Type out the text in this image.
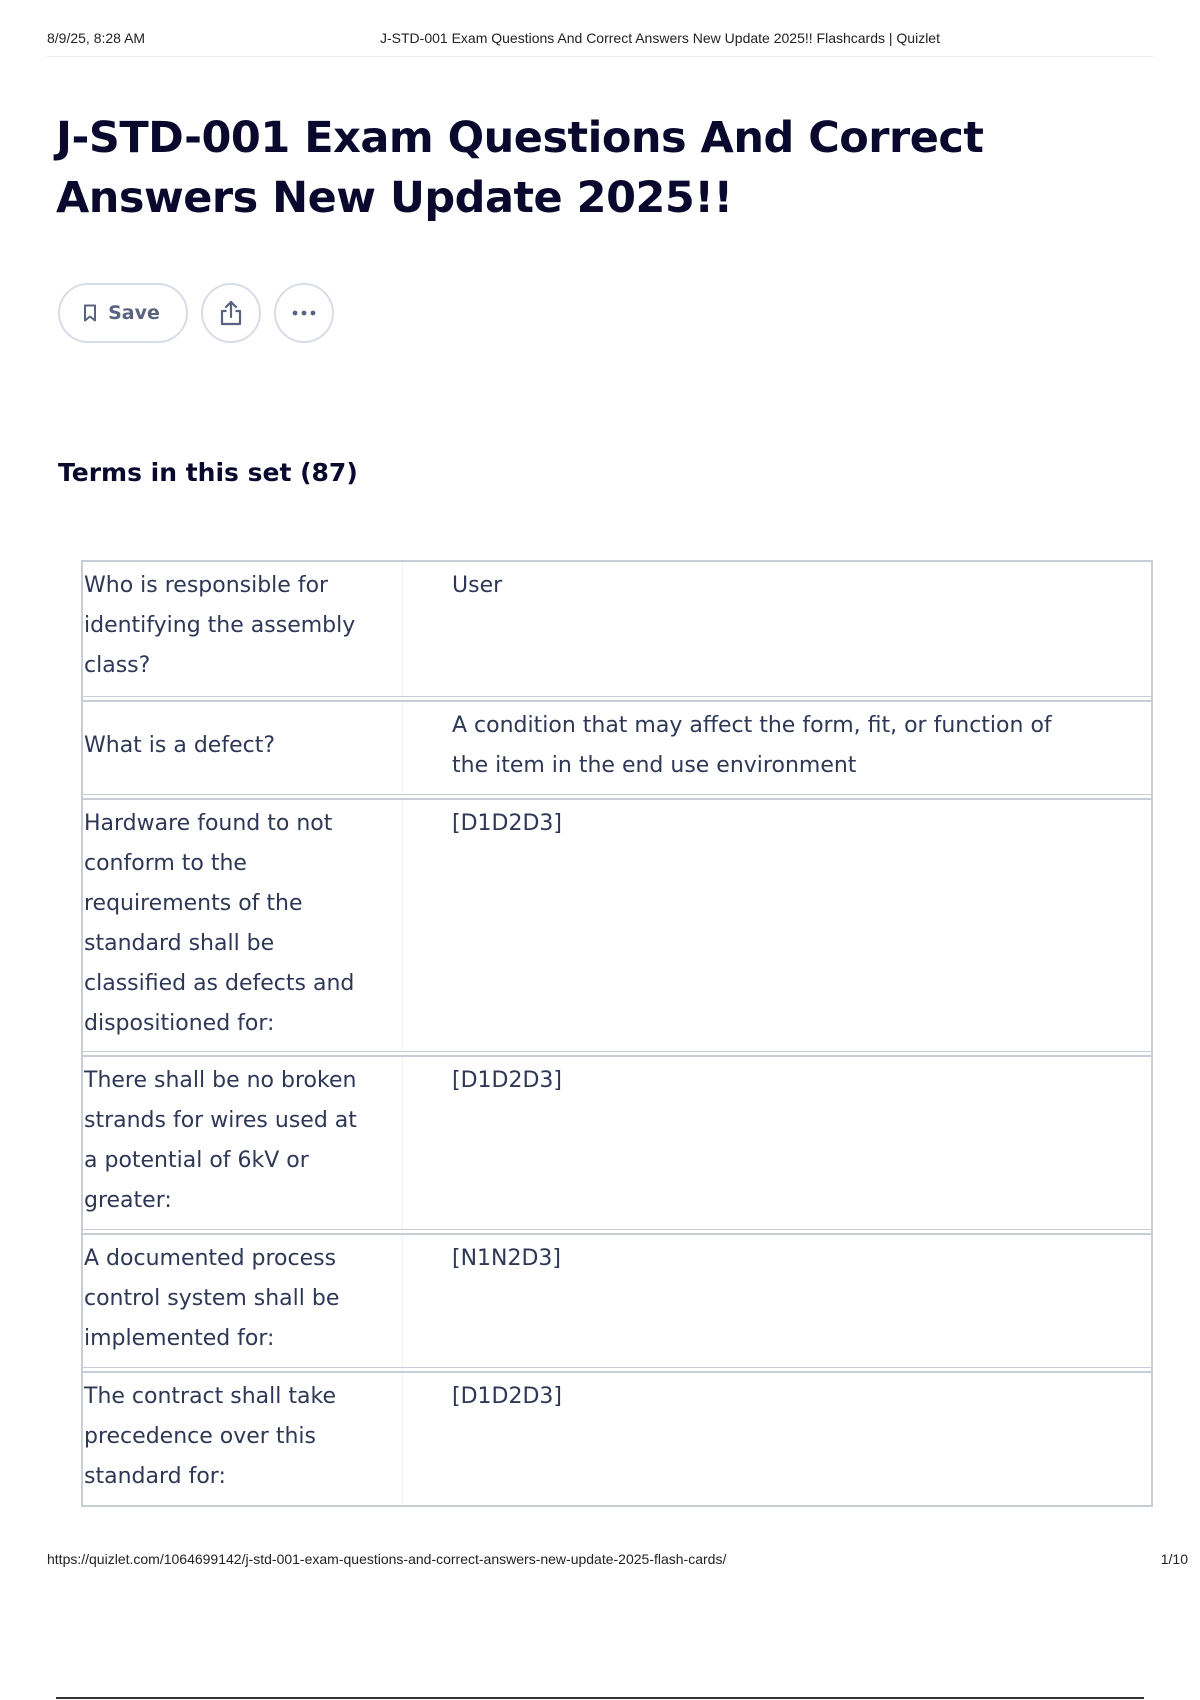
8/9/25, 8:28 AM	J-STD-001 Exam Questions And Correct Answers New Update 2025!! Flashcards | Quizlet
J-STD-001 Exam Questions And Correct Answers New Update 2025!!
Save
Terms in this set (87)
Who is responsible for identifying the assembly class?
User
What is a defect?
A condition that may affect the form, fit, or function of the item in the end use environment
Hardware found to not conform to the requirements of the standard shall be classified as defects and dispositioned for:
[D1D2D3]
There shall be no broken strands for wires used at a potential of 6kV or greater:
[D1D2D3]
A documented process control system shall be implemented for:
[N1N2D3]
The contract shall take precedence over this standard for:
[D1D2D3]
https://quizlet.com/1064699142/j-std-001-exam-questions-and-correct-answers-new-update-2025-flash-cards/	1/10
